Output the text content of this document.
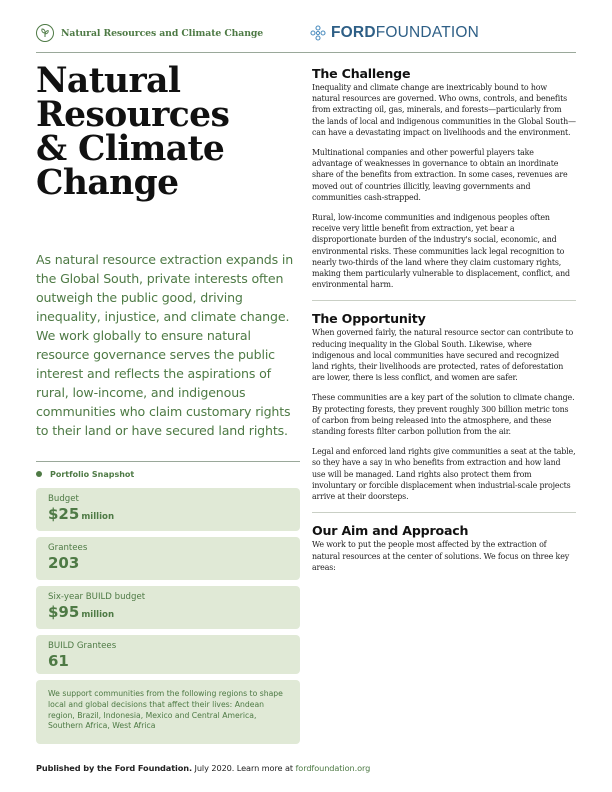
Natural Resources and Climate Change	FORDFOUNDATION
Natural
Resources
& Climate
Change

As natural resource extraction expands in the Global South, private interests often outweigh the public good, driving inequality, injustice, and climate change. We work globally to ensure natural resource governance serves the public interest and reflects the aspirations of rural, low-income, and indigenous communities who claim customary rights to their land or have secured land rights.

Portfolio Snapshot
Budget
$25 million
Grantees
203
Six-year BUILD budget
$95 million
BUILD Grantees
61
We support communities from the following regions to shape local and global decisions that affect their lives: Andean region, Brazil, Indonesia, Mexico and Central America, Southern Africa, West Africa
The Challenge

Inequality and climate change are inextricably bound to how natural resources are governed. Who owns, controls, and benefits from extracting oil, gas, minerals, and forests—particularly from the lands of local and indigenous communities in the Global South—can have a devastating impact on livelihoods and the environment.

Multinational companies and other powerful players take advantage of weaknesses in governance to obtain an inordinate share of the benefits from extraction. In some cases, revenues are moved out of countries illicitly, leaving governments and communities cash-strapped.

Rural, low-income communities and indigenous peoples often receive very little benefit from extraction, yet bear a disproportionate burden of the industry's social, economic, and environmental risks. These communities lack legal recognition to nearly two-thirds of the land where they claim customary rights, making them particularly vulnerable to displacement, conflict, and environmental harm.

The Opportunity

When governed fairly, the natural resource sector can contribute to reducing inequality in the Global South. Likewise, where indigenous and local communities have secured and recognized land rights, their livelihoods are protected, rates of deforestation are lower, there is less conflict, and women are safer.

These communities are a key part of the solution to climate change. By protecting forests, they prevent roughly 300 billion metric tons of carbon from being released into the atmosphere, and these standing forests filter carbon pollution from the air.

Legal and enforced land rights give communities a seat at the table, so they have a say in who benefits from extraction and how land use will be managed. Land rights also protect them from involuntary or forcible displacement when industrial-scale projects arrive at their doorsteps.

Our Aim and Approach

We work to put the people most affected by the extraction of natural resources at the center of solutions. We focus on three key areas:

Published by the Ford Foundation. July 2020. Learn more at fordfoundation.org
